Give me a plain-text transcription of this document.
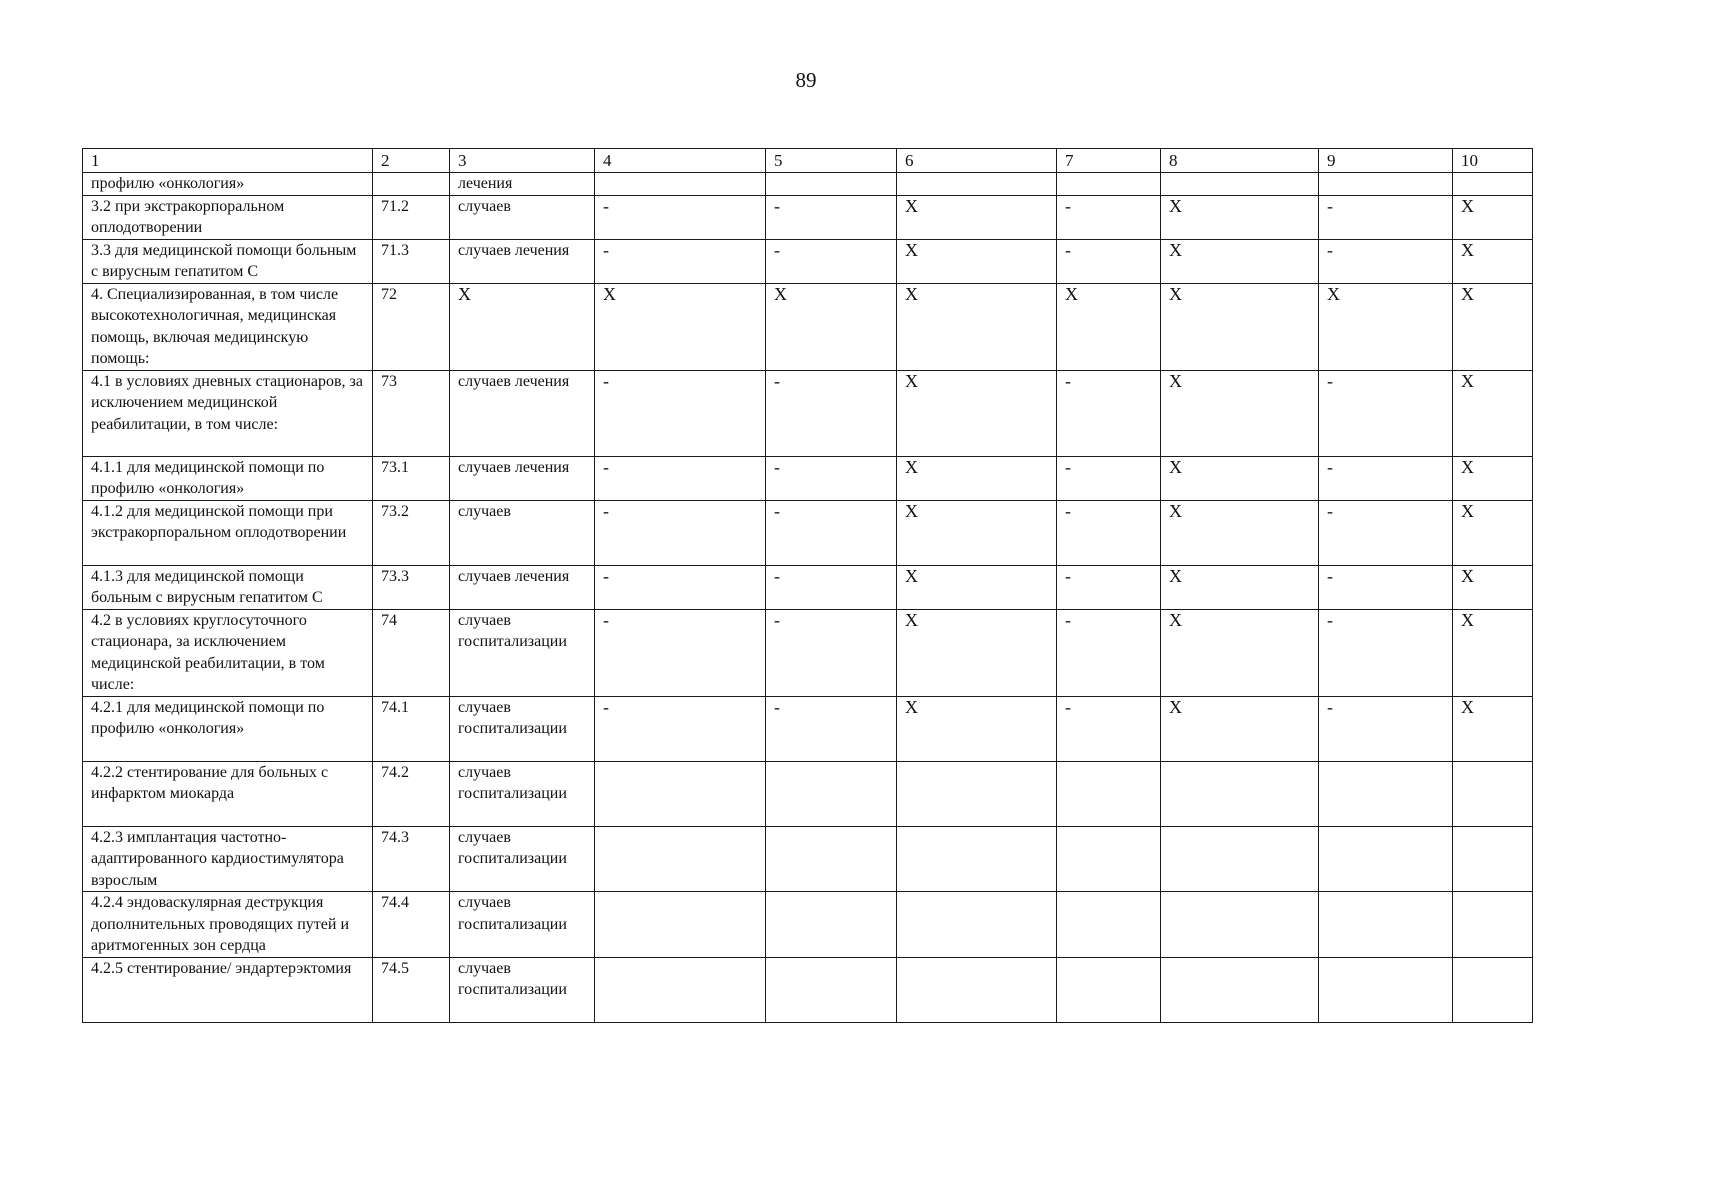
89
1	2	3	4	5	6	7	8	9	10
профилю «онкология»		лечения							
3.2 при экстракорпоральном оплодотворении	71.2	случаев	-	-	X	-	X	-	X
3.3 для медицинской помощи больным с вирусным гепатитом С	71.3	случаев лечения	-	-	X	-	X	-	X
4. Специализированная, в том числе высокотехнологичная, медицинская помощь, включая медицинскую помощь:	72	X	X	X	X	X	X	X	X
4.1 в условиях дневных стационаров, за исключением медицинской реабилитации, в том числе:	73	случаев лечения	-	-	X	-	X	-	X
4.1.1 для медицинской помощи по профилю «онкология»	73.1	случаев лечения	-	-	X	-	X	-	X
4.1.2 для медицинской помощи при экстракорпоральном оплодотворении	73.2	случаев	-	-	X	-	X	-	X
4.1.3 для медицинской помощи больным с вирусным гепатитом С	73.3	случаев лечения	-	-	X	-	X	-	X
4.2 в условиях круглосуточного стационара, за исключением медицинской реабилитации, в том числе:	74	случаев госпитализации	-	-	X	-	X	-	X
4.2.1 для медицинской помощи по профилю «онкология»	74.1	случаев госпитализации	-	-	X	-	X	-	X
4.2.2 стентирование для больных с инфарктом миокарда	74.2	случаев госпитализации							
4.2.3 имплантация частотно-адаптированного кардиостимулятора взрослым	74.3	случаев госпитализации							
4.2.4 эндоваскулярная деструкция дополнительных проводящих путей и аритмогенных зон сердца	74.4	случаев госпитализации							
4.2.5 стентирование/ эндартерэктомия	74.5	случаев госпитализации							
